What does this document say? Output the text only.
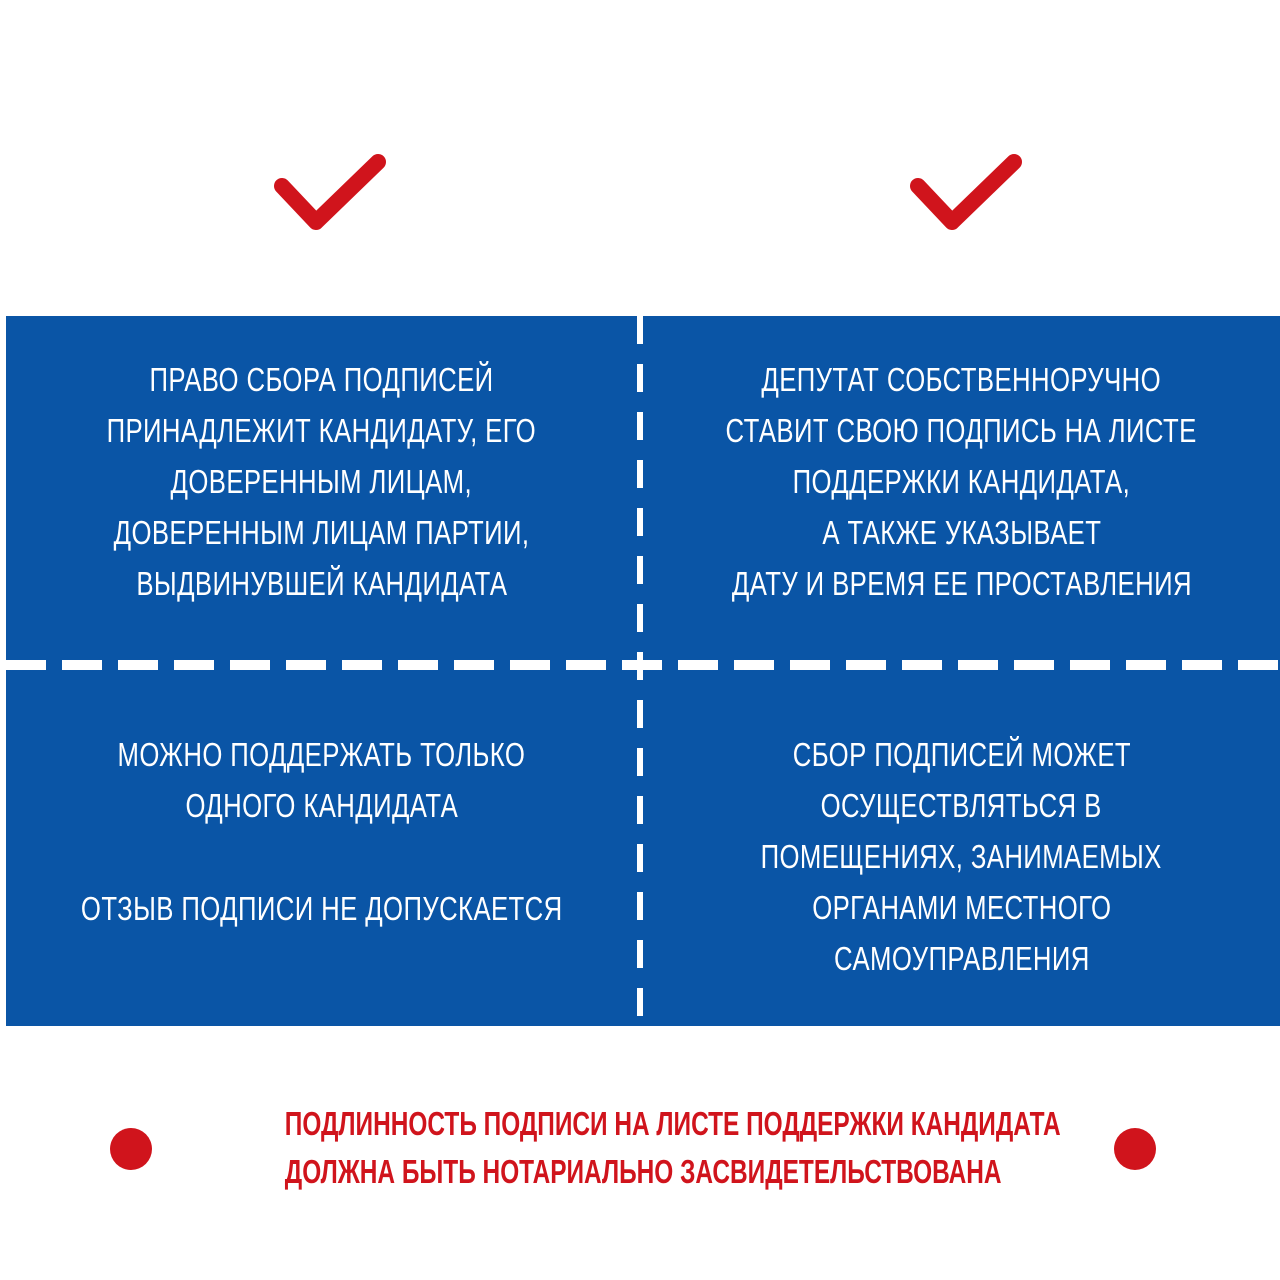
ПРАВО СБОРА ПОДПИСЕЙ

ПРИНАДЛЕЖИТ КАНДИДАТУ, ЕГО

ДОВЕРЕННЫМ ЛИЦАМ,

ДОВЕРЕННЫМ ЛИЦАМ ПАРТИИ,

ВЫДВИНУВШЕЙ КАНДИДАТА

ДЕПУТАТ СОБСТВЕННОРУЧНО

СТАВИТ СВОЮ ПОДПИСЬ НА ЛИСТЕ

ПОДДЕРЖКИ КАНДИДАТА,

А ТАКЖЕ УКАЗЫВАЕТ

ДАТУ И ВРЕМЯ ЕЕ ПРОСТАВЛЕНИЯ

МОЖНО ПОДДЕРЖАТЬ ТОЛЬКО

ОДНОГО КАНДИДАТА

ОТЗЫВ ПОДПИСИ НЕ ДОПУСКАЕТСЯ

СБОР ПОДПИСЕЙ МОЖЕТ

ОСУЩЕСТВЛЯТЬСЯ В

ПОМЕЩЕНИЯХ, ЗАНИМАЕМЫХ

ОРГАНАМИ МЕСТНОГО

САМОУПРАВЛЕНИЯ

ПОДЛИННОСТЬ ПОДПИСИ НА ЛИСТЕ ПОДДЕРЖКИ КАНДИДАТА

ДОЛЖНА БЫТЬ НОТАРИАЛЬНО ЗАСВИДЕТЕЛЬСТВОВАНА
